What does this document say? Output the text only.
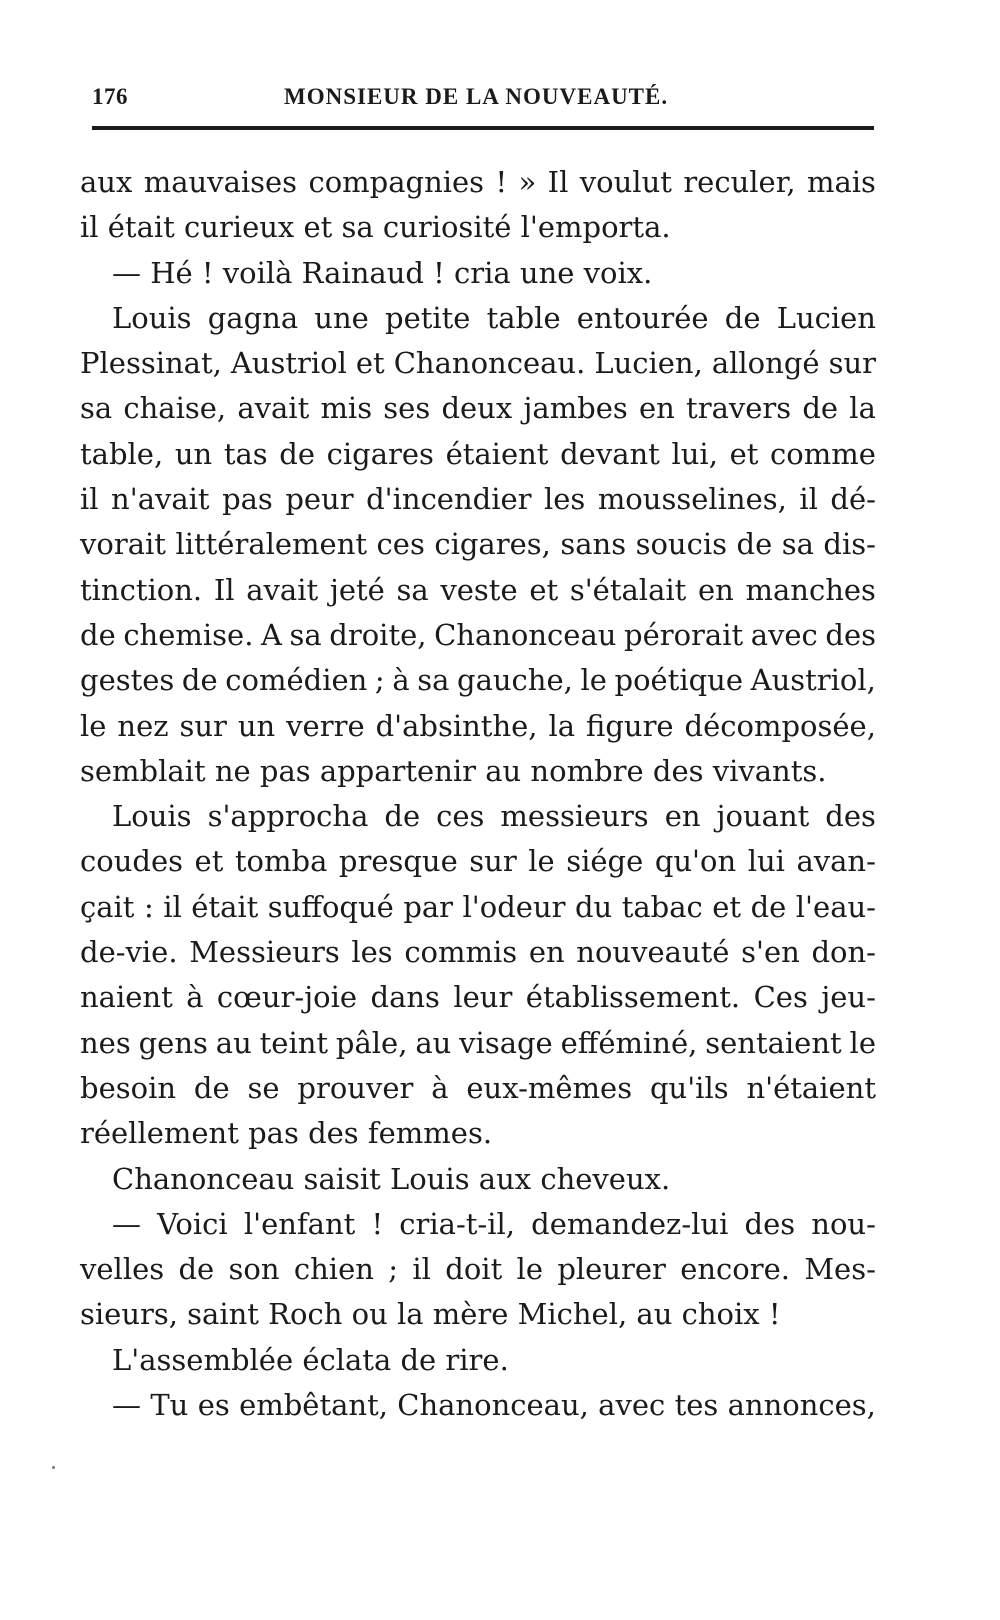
176	MONSIEUR DE LA NOUVEAUTÉ.
aux mauvaises compagnies ! » Il voulut reculer, mais
il était curieux et sa curiosité l'emporta.
— Hé ! voilà Rainaud ! cria une voix.
Louis gagna une petite table entourée de Lucien
Plessinat, Austriol et Chanonceau. Lucien, allongé sur
sa chaise, avait mis ses deux jambes en travers de la
table, un tas de cigares étaient devant lui, et comme
il n'avait pas peur d'incendier les mousselines, il dé-
vorait littéralement ces cigares, sans soucis de sa dis-
tinction. Il avait jeté sa veste et s'étalait en manches
de chemise. A sa droite, Chanonceau pérorait avec des
gestes de comédien ; à sa gauche, le poétique Austriol,
le nez sur un verre d'absinthe, la figure décomposée,
semblait ne pas appartenir au nombre des vivants.
Louis s'approcha de ces messieurs en jouant des
coudes et tomba presque sur le siége qu'on lui avan-
çait : il était suffoqué par l'odeur du tabac et de l'eau-
de-vie. Messieurs les commis en nouveauté s'en don-
naient à cœur-joie dans leur établissement. Ces jeu-
nes gens au teint pâle, au visage efféminé, sentaient le
besoin de se prouver à eux-mêmes qu'ils n'étaient
réellement pas des femmes.
Chanonceau saisit Louis aux cheveux.
— Voici l'enfant ! cria-t-il, demandez-lui des nou-
velles de son chien ; il doit le pleurer encore. Mes-
sieurs, saint Roch ou la mère Michel, au choix !
L'assemblée éclata de rire.
— Tu es embêtant, Chanonceau, avec tes annonces,
